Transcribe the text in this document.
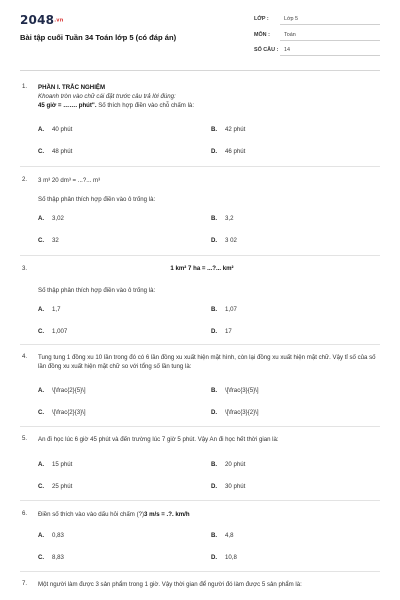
2048.vn
Bài tập cuối Tuần 34 Toán lớp 5 (có đáp án)
LỚP :	Lớp 5
MÔN :	Toán
SỐ CÂU : 14
1. PHẦN I. TRẮC NGHIỆM
Khoanh tròn vào chữ cái đặt trước câu trả lời đúng:
45 giờ = ……. phút". Số thích hợp điền vào chỗ chấm là:
A. 40 phút	B. 42 phút
C. 48 phút	D. 46 phút
2. 3 m³ 20 dm³ = ...?... m³
Số thập phân thích hợp điền vào ô trống là:
A. 3,02	B. 3,2
C. 32	D. 3 02
3.	1 km² 7 ha = ...?... km²
Số thập phân thích hợp điền vào ô trống là:
A. 1,7	B. 1,07
C. 1,007	D. 17
4. Tung tung 1 đồng xu 10 lần trong đó có 6 lần đồng xu xuất hiện mặt hình, còn lại đồng xu xuất hiện mặt chữ. Vậy tỉ số của số lần đồng xu xuất hiện mặt chữ so với tổng số lần tung là:
A. \[\frac{2}{5}\]	B. \[\frac{3}{5}\]
C. \[\frac{2}{3}\]	D. \[\frac{3}{2}\]
5. An đi học lúc 6 giờ 45 phút và đến trường lúc 7 giờ 5 phút. Vậy An đi học hết thời gian là:
A. 15 phút	B. 20 phút
C. 25 phút	D. 30 phút
6. Điền số thích vào vào dấu hỏi chấm (?)3 m/s = .?. km/h
A. 0,83	B. 4,8
C. 8,83	D. 10,8
7. Một người làm được 3 sản phẩm trong 1 giờ. Vậy thời gian để người đó làm được 5 sản phẩm là:
